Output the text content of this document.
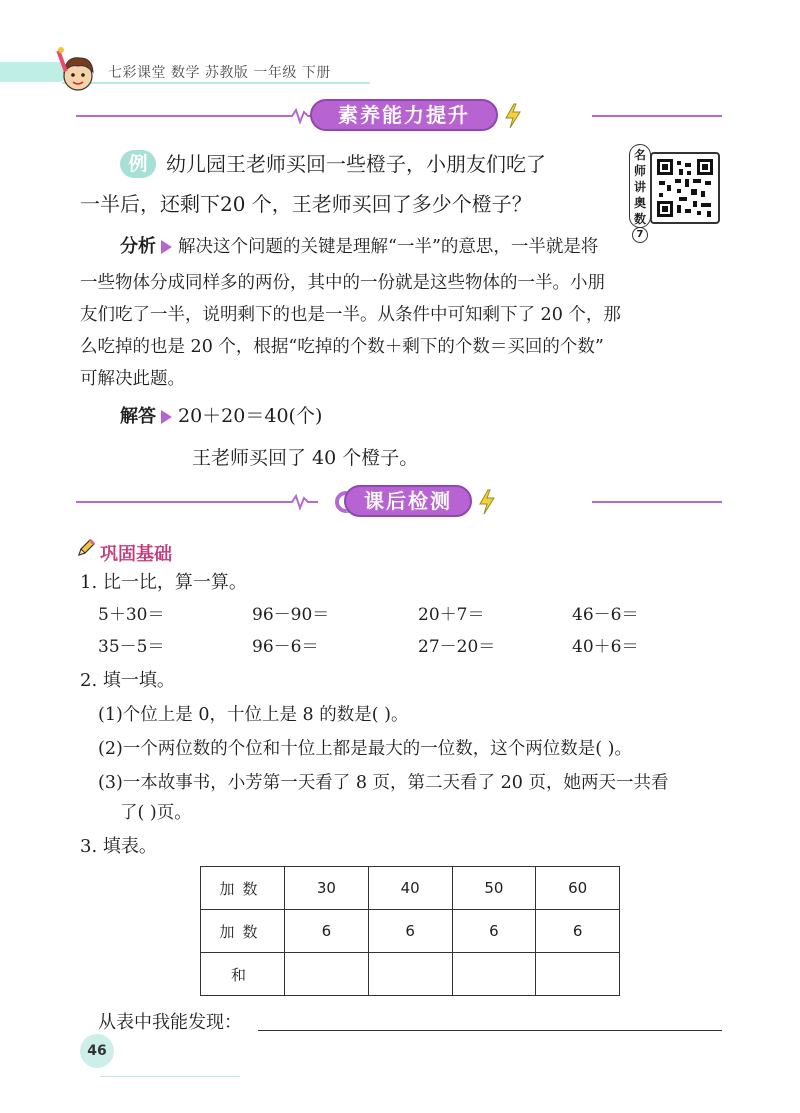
七彩课堂 数学 苏教版 一年级 下册
素养能力提升
例 幼儿园王老师买回一些橙子，小朋友们吃了
一半后，还剩下20 个，王老师买回了多少个橙子？
名
师
讲
奥
数
7
分析 解决这个问题的关键是理解“一半”的意思，一半就是将
一些物体分成同样多的两份，其中的一份就是这些物体的一半。小朋
友们吃了一半，说明剩下的也是一半。从条件中可知剩下了 20 个，那
么吃掉的也是 20 个，根据“吃掉的个数＋剩下的个数＝买回的个数”
可解决此题。
解答 20＋20＝40(个)
王老师买回了 40 个橙子。
课后检测
巩固基础
1. 比一比，算一算。
5＋30＝	96－90＝	20＋7＝	46－6＝
35－5＝	96－6＝	27－20＝	40＋6＝
2. 填一填。
(1)个位上是 0，十位上是 8 的数是( )。
(2)一个两位数的个位和十位上都是最大的一位数，这个两位数是( )。
(3)一本故事书，小芳第一天看了 8 页，第二天看了 20 页，她两天一共看
了( )页。
3. 填表。
加数	30	40	50	60
加数	6	6	6	6
和				
从表中我能发现：
46
